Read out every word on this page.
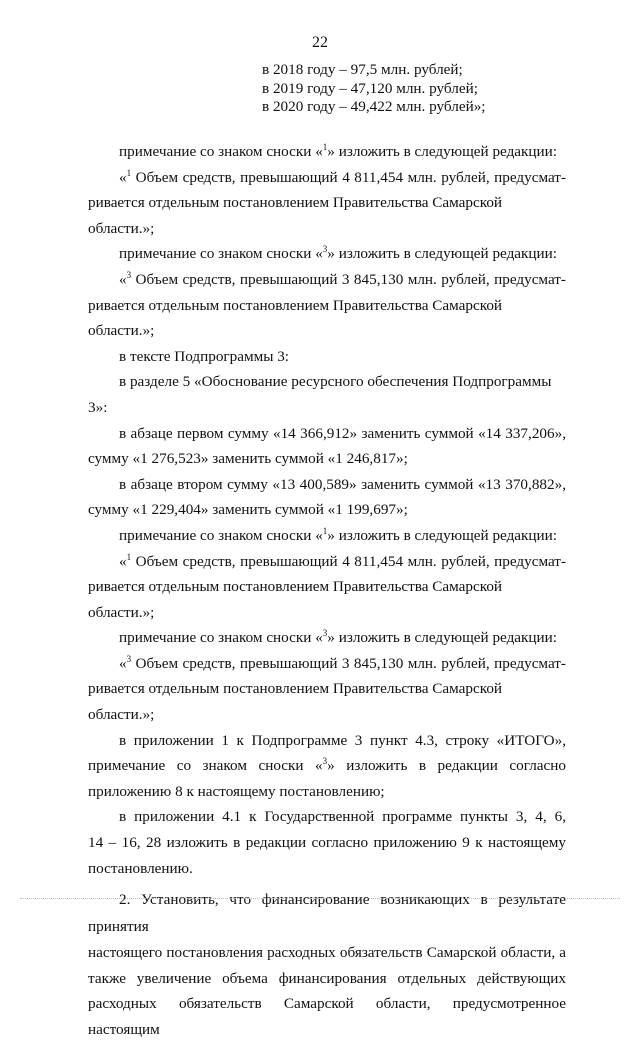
22
в 2018 году – 97,5 млн. рублей;
в 2019 году – 47,120 млн. рублей;
в 2020 году – 49,422 млн. рублей»;

примечание со знаком сноски «$^1$» изложить в следующей редакции:

«$^1$ Объем средств, превышающий 4 811,454 млн. рублей, предусмат-

ривается отдельным постановлением Правительства Самарской области.»;

примечание со знаком сноски «$^3$» изложить в следующей редакции:

«$^3$ Объем средств, превышающий 3 845,130 млн. рублей, предусмат-

ривается отдельным постановлением Правительства Самарской области.»;

в тексте Подпрограммы 3:

в разделе 5 «Обоснование ресурсного обеспечения Подпрограммы 3»:

в абзаце первом сумму «14 366,912» заменить суммой «14 337,206»,

сумму «1 276,523» заменить суммой «1 246,817»;

в абзаце втором сумму «13 400,589» заменить суммой «13 370,882»,

сумму «1 229,404» заменить суммой «1 199,697»;

примечание со знаком сноски «$^1$» изложить в следующей редакции:

«$^1$ Объем средств, превышающий 4 811,454 млн. рублей, предусмат-

ривается отдельным постановлением Правительства Самарской области.»;

примечание со знаком сноски «$^3$» изложить в следующей редакции:

«$^3$ Объем средств, превышающий 3 845,130 млн. рублей, предусмат-

ривается отдельным постановлением Правительства Самарской области.»;

в приложении 1 к Подпрограмме 3 пункт 4.3, строку «ИТОГО»,

примечание со знаком сноски «$^3$» изложить в редакции согласно

приложению 8 к настоящему постановлению;

в приложении 4.1 к Государственной программе пункты 3, 4, 6,

14 – 16, 28 изложить в редакции согласно приложению 9 к настоящему

постановлению.

2. Установить, что финансирование возникающих в результате принятия

настоящего постановления расходных обязательств Самарской области, а

также увеличение объема финансирования отдельных действующих

расходных обязательств Самарской области, предусмотренное настоящим
